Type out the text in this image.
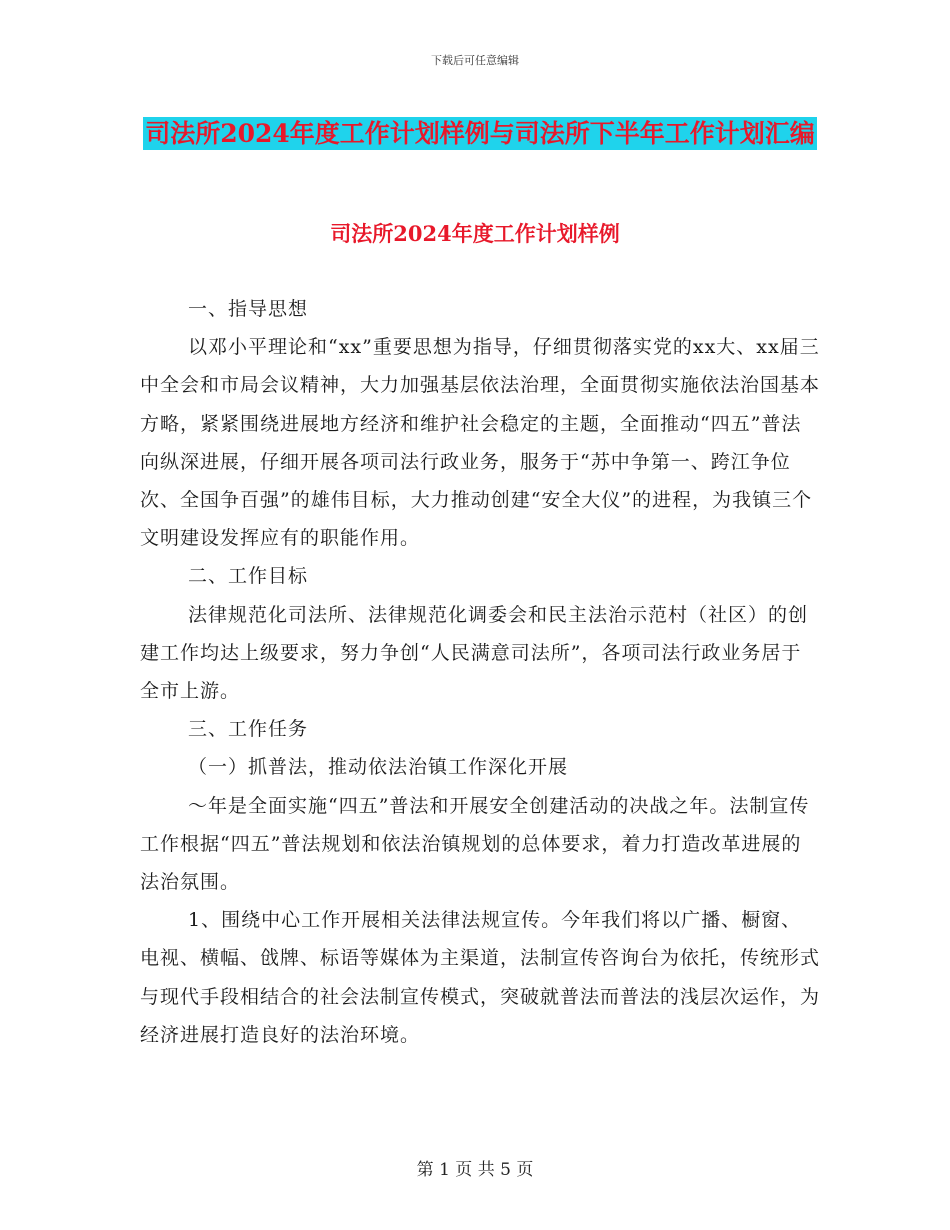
下载后可任意编辑
司法所2024年度工作计划样例与司法所下半年工作计划汇编
司法所2024年度工作计划样例

一、指导思想

以邓小平理论和“xx”重要思想为指导，仔细贯彻落实党的xx大、xx届三中全会和市局会议精神，大力加强基层依法治理，全面贯彻实施依法治国基本方略，紧紧围绕进展地方经济和维护社会稳定的主题，全面推动“四五”普法向纵深进展，仔细开展各项司法行政业务，服务于“苏中争第一、跨江争位次、全国争百强”的雄伟目标，大力推动创建“安全大仪”的进程，为我镇三个文明建设发挥应有的职能作用。

二、工作目标

法律规范化司法所、法律规范化调委会和民主法治示范村（社区）的创建工作均达上级要求，努力争创“人民满意司法所”，各项司法行政业务居于全市上游。

三、工作任务

（一）抓普法，推动依法治镇工作深化开展

～年是全面实施“四五”普法和开展安全创建活动的决战之年。法制宣传工作根据“四五”普法规划和依法治镇规划的总体要求，着力打造改革进展的法治氛围。

1、围绕中心工作开展相关法律法规宣传。今年我们将以广播、橱窗、电视、横幅、戗牌、标语等媒体为主渠道，法制宣传咨询台为依托，传统形式与现代手段相结合的社会法制宣传模式，突破就普法而普法的浅层次运作，为经济进展打造良好的法治环境。

第 1 页 共 5 页
